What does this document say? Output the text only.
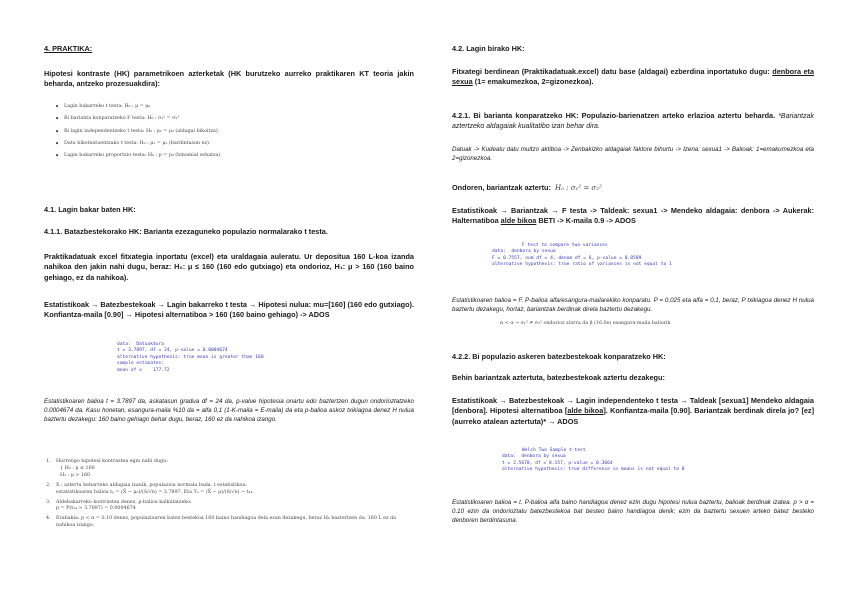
4. PRAKTIKA:
Hipotesi kontraste (HK) parametrikoen azterketak (HK burutzeko aurreko praktikaren KT teoria jakin beharda, antzeko prozesuakdira):
• Lagin bakarreko t testa: H₀ : μ = μ₀
• Bi barianta konparatzeko F testa: H₀ : σ₁² = σ₂²
• Bi lagin independentzeko t testa: H₀ : μ₁ = μ₂ (aldagai bikoitza).
• Datu bikoteatuentzako t testa: H₀ : μ₁ = μ₂ (bardintasun ez).
• Lagin bakarreko proportzio-testa: H₀ : p = p₀ (binomial zehatza).
4.1. Lagin bakar baten HK:
4.1.1. Batazbestekorako HK: Barianta ezezaguneko populazio normalarako t testa.
Praktikadatuak excel fitxategia inportatu (excel) eta uraldagaia auleratu. Ur depositua 160 L-koa izanda nahikoa den jakin nahi dugu, beraz: H₀: μ ≤ 160 (160 edo gutxiago) eta ondorioz, H₁: μ > 160 (160 baino gehiago, ez da nahikoa).
Estatistikoak → Batezbestekoak → Lagin bakarreko t testa → Hipotesi nulua: mu=[160] (160 edo gutxiago). Konfiantza-maila [0.90] → Hipotesi alternatiboa > 160 (160 baino gehiago) -> ADOS
data:  Datuak$ura
t = 3.7897, df = 24, p-value = 0.0004674
alternative hypothesis: true mean is greater than 160
sample estimates:
mean of x    177.72
Estatistikoaren balioa t = 3.7897 da, askatasun gradua df = 24 da, p-value hipotesia onartu edo baztertzen dugun ondorioztatzeko 0.0004674 da. Kasu honetan, esangura-maila %10 da = alfa 0.1 (1-K-maila = E-maila) da eta p-balioa askoz txikiagoa denez H nulua baztertu dezakegu: 160 baino gehiago behar dugu, beraz, 160 ez da nahikoa izango.
1. Hurrengo hipotesi kontrastea egin nahi dugu:
{ H₀ : μ ≤ 160
H₁ : μ > 160
2. X : aztertu beharreko aldagaia izanik, populazioa normala bada, t estatistikoa:
estatistikoaren balioa tₚ = (X̄ − μ₀)/(S/√n) = 3.7897. Eta Tₙ = (X̄ − μ)/(S/√n) ∼ t₂₄
3. Aldebakarreko kontrastea denez, p-balioa kalkulatzeko:
p = P(t₂₄ > 3.7897) = 0.0004674
4. Erabakia: p < α = 0.10 denez, populazioaren batez bestekoa 160 baino handiagoa dela esan dezakegu, beraz H₀ baztertzen da. 160 L ez da
nahikoa izango.
4.2. Lagin birako HK:
Fitxategi berdinean (Praktikadatuak.excel) datu base (aldagai) ezberdina inportatuko dugu: denbora eta sexua (1= emakumezkoa, 2=gizonezkoa).
4.2.1. Bi barianta konparatzeko HK: Populazio-barienatzen arteko erlazioa aztertu beharda. *Bariantzak aztertzeko aldagaiak kualitatibo izan behar dira.
Datuak -> Kudeatu datu multzo aktiboa -> Zenbakizko aldagaiak faktore bihurtu -> Izena: sexua1 -> Balioak: 1=emakumezkoa eta 2=gizonezkoa.
Ondoren, bariantzak aztertu: H₀ : σ₁² = σ₂²
Estatistikoak → Bariantzak → F testa -> Taldeak: sexua1 -> Mendeko aldagaia: denbora -> Aukerak: Halternatiboa alde bikoa BETI -> K-maila 0.9 -> ADOS
F test to compare two variances
data:  denbora by sexua
F = 0.7557, num df = 4, denom df = 6, p-value = 0.8589
alternative hypothesis: true ratio of variances is not equal to 1
Estatistikoaren balioa = F. P-balioa alfa/esangura-mailarekiko konparatu. P = 0,025 eta alfa = 0,1, beraz, P txikiagoa denez H nulua baztertu dezakegu, hortaz, bariantzak berdinak direla baztertu dezakegu.
α < α → σ₁² ≠ σ₂² ondorioz ziurra da β (16.0e) esangura-maila baliorik
4.2.2. Bi populazio askeren batezbestekoak konparatzeko HK:
Behin bariantzak aztertuta, batezbestekoak aztertu dezakegu:
Estatistikoak → Batezbestekoak → Lagin independenteko t testa → Taldeak [sexua1] Mendeko aldagaia [denbora]. Hipotesi alternatiboa [alde bikoa]. Konfiantza-maila [0.90]. Bariantzak berdinak direla jo? [ez] (aurreko atalean aztertuta)* → ADOS
Welch Two Sample t-test
data:  denbora by sexua
t = 2.5678, df = 8.157, p-value = 0.3664
alternative hypothesis: true difference in means is not equal to 0
Estatistikoaren balioa = t. P-balioa alfa baino handiagoa denez ezin dugu hipotesi nulua baztertu, balioak berdinak izatea. p > α = 0.10 ezin da ondorioztatu batezbestekoa bat besteo baino handiagoa denik; ezin da baztertu sexuen arteko batez besteko denboren berdintasuna.
